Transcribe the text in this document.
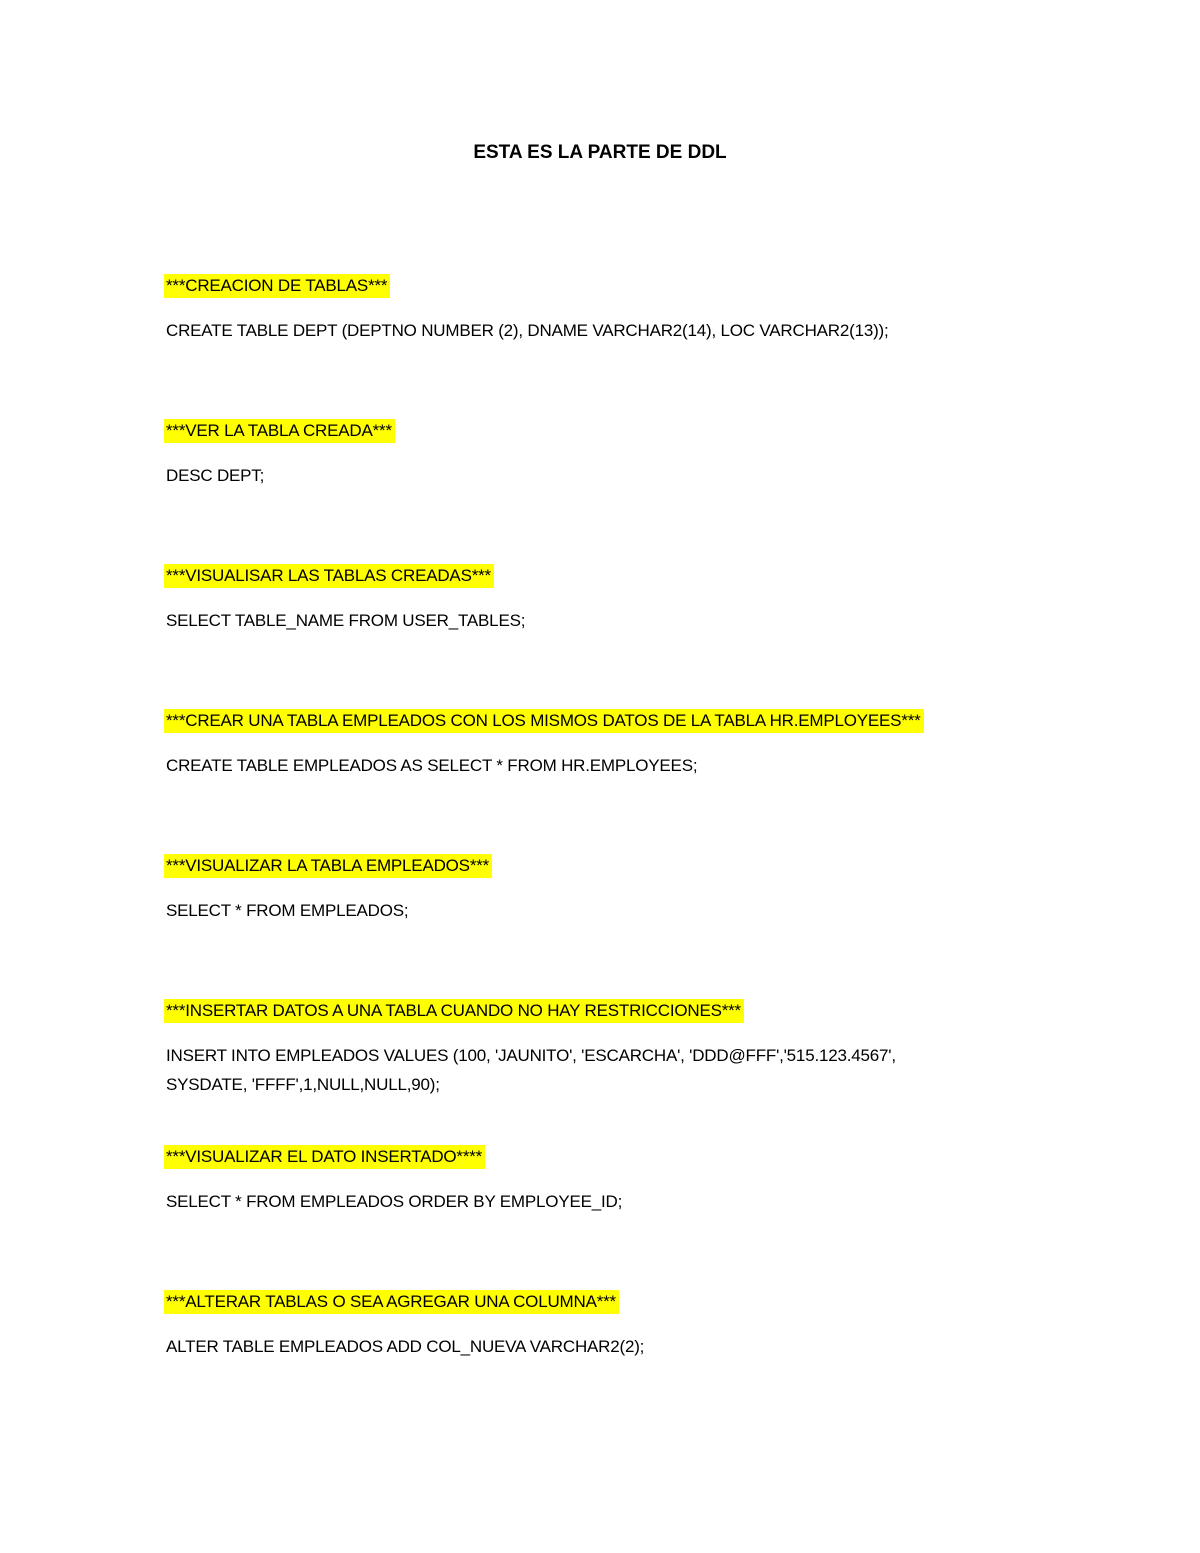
ESTA ES LA PARTE DE DDL
***CREACION DE TABLAS***
CREATE TABLE DEPT (DEPTNO NUMBER (2), DNAME VARCHAR2(14), LOC VARCHAR2(13));
***VER LA TABLA CREADA***
DESC DEPT;
***VISUALISAR LAS TABLAS CREADAS***
SELECT TABLE_NAME FROM USER_TABLES;
***CREAR UNA TABLA EMPLEADOS CON LOS MISMOS DATOS DE LA TABLA HR.EMPLOYEES***
CREATE TABLE EMPLEADOS AS SELECT * FROM HR.EMPLOYEES;
***VISUALIZAR LA TABLA EMPLEADOS***
SELECT * FROM EMPLEADOS;
***INSERTAR DATOS A UNA TABLA CUANDO NO HAY RESTRICCIONES***
INSERT INTO EMPLEADOS VALUES (100, 'JAUNITO', 'ESCARCHA', 'DDD@FFF','515.123.4567',
SYSDATE, 'FFFF',1,NULL,NULL,90);
***VISUALIZAR EL DATO INSERTADO****
SELECT * FROM EMPLEADOS ORDER BY EMPLOYEE_ID;
***ALTERAR TABLAS O SEA AGREGAR UNA COLUMNA***
ALTER TABLE EMPLEADOS ADD COL_NUEVA VARCHAR2(2);
